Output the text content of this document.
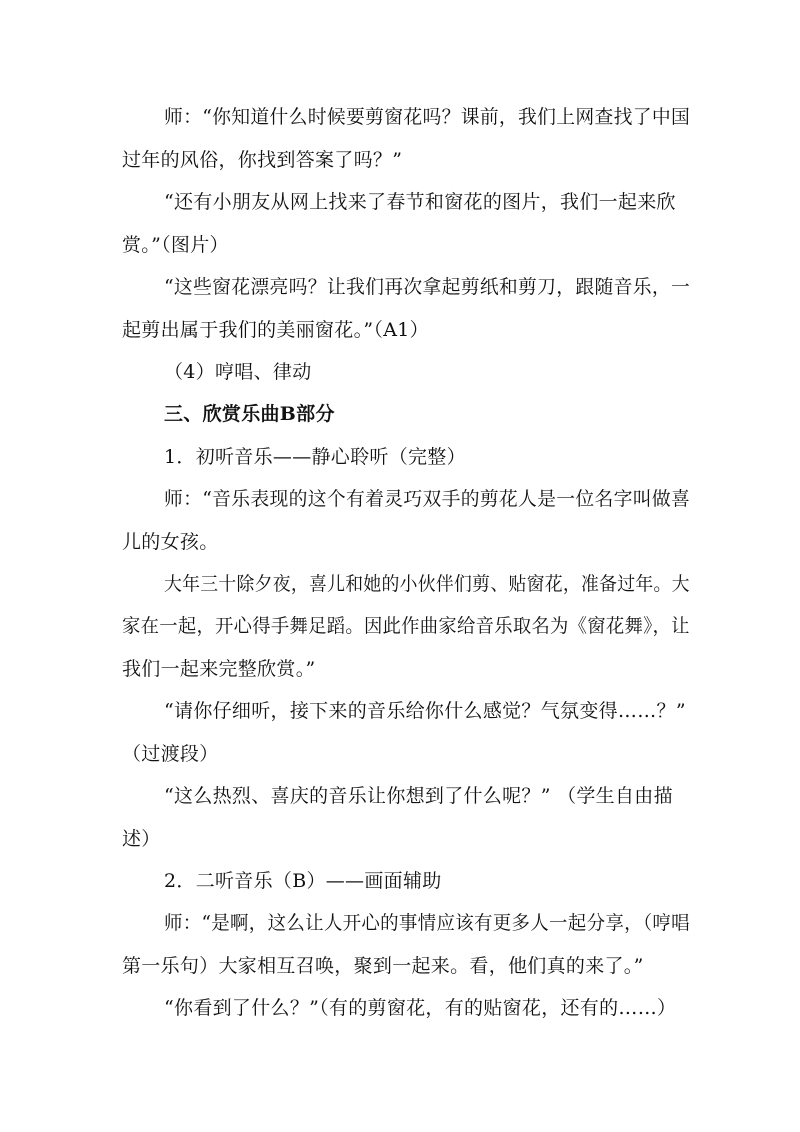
师：“你知道什么时候要剪窗花吗？课前，我们上网查找了中国
过年的风俗，你找到答案了吗？”
“还有小朋友从网上找来了春节和窗花的图片，我们一起来欣
赏。”（图片）
“这些窗花漂亮吗？让我们再次拿起剪纸和剪刀，跟随音乐，一
起剪出属于我们的美丽窗花。”（A1）
（4）哼唱、律动
三、欣赏乐曲B部分
1．初听音乐——静心聆听（完整）
师：“音乐表现的这个有着灵巧双手的剪花人是一位名字叫做喜
儿的女孩。
大年三十除夕夜，喜儿和她的小伙伴们剪、贴窗花，准备过年。大
家在一起，开心得手舞足蹈。因此作曲家给音乐取名为《窗花舞》，让
我们一起来完整欣赏。”
“请你仔细听，接下来的音乐给你什么感觉？气氛变得……？”
（过渡段）
“这么热烈、喜庆的音乐让你想到了什么呢？” （学生自由描
述）
2．二听音乐（B）——画面辅助
师：“是啊，这么让人开心的事情应该有更多人一起分享，（哼唱
第一乐句）大家相互召唤，聚到一起来。看，他们真的来了。”
“你看到了什么？”（有的剪窗花，有的贴窗花，还有的……）
